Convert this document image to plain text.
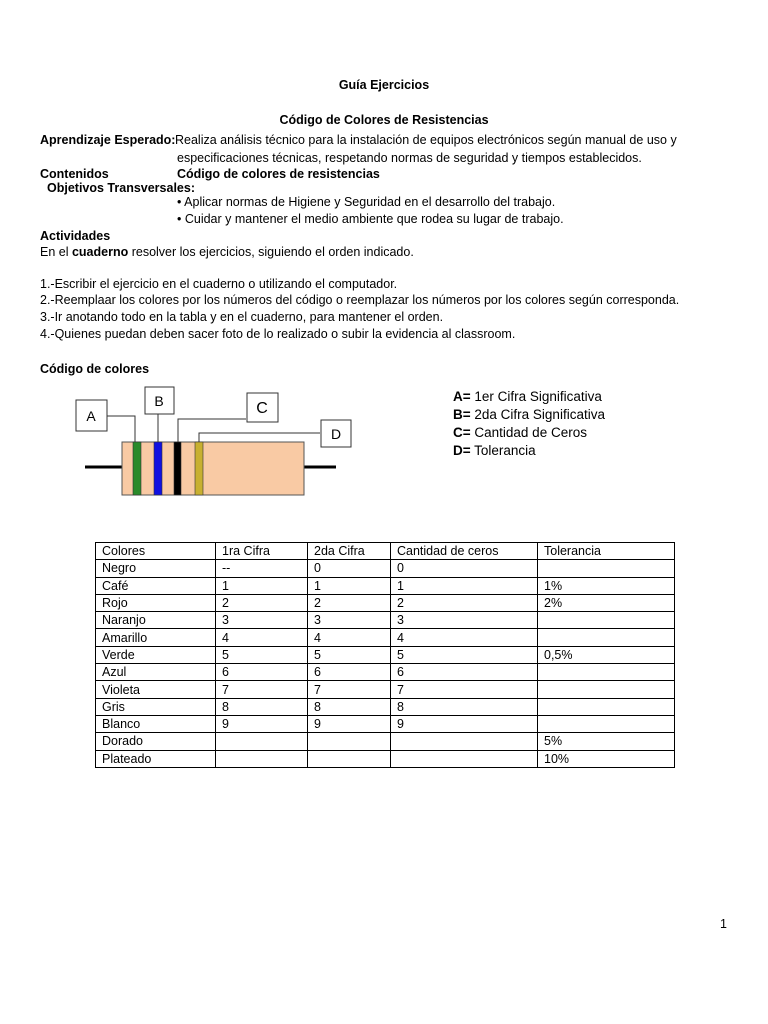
Guía Ejercicios
Código de Colores de Resistencias
Aprendizaje Esperado: Realiza análisis técnico para la instalación de equipos electrónicos según manual de uso y
especificaciones técnicas, respetando normas de seguridad y tiempos establecidos.
Contenidos	Código de colores de resistencias
Objetivos Transversales:
• Aplicar normas de Higiene y Seguridad en el desarrollo del trabajo.
• Cuidar y mantener el medio ambiente que rodea su lugar de trabajo.
Actividades
En el cuaderno resolver los ejercicios, siguiendo el orden indicado.
1.-Escribir el ejercicio en el cuaderno o utilizando el computador.
2.-Reemplaar los colores por los números del código o reemplazar los números por los colores según corresponda.
3.-Ir anotando todo en la tabla y en el cuaderno, para mantener el orden.
4.-Quienes puedan deben sacer foto de lo realizado o subir la evidencia al classroom.
Código de colores
A
B	C
D
A= 1er Cifra Significativa
B= 2da Cifra Significativa
C= Cantidad de Ceros
D= Tolerancia
Colores	1ra Cifra	2da Cifra	Cantidad de ceros	Tolerancia
Negro	--	0	0	
Café	1	1	1	1%
Rojo	2	2	2	2%
Naranjo	3	3	3	
Amarillo	4	4	4	
Verde	5	5	5	0,5%
Azul	6	6	6	
Violeta	7	7	7	
Gris	8	8	8	
Blanco	9	9	9	
Dorado				5%
Plateado				10%
1
